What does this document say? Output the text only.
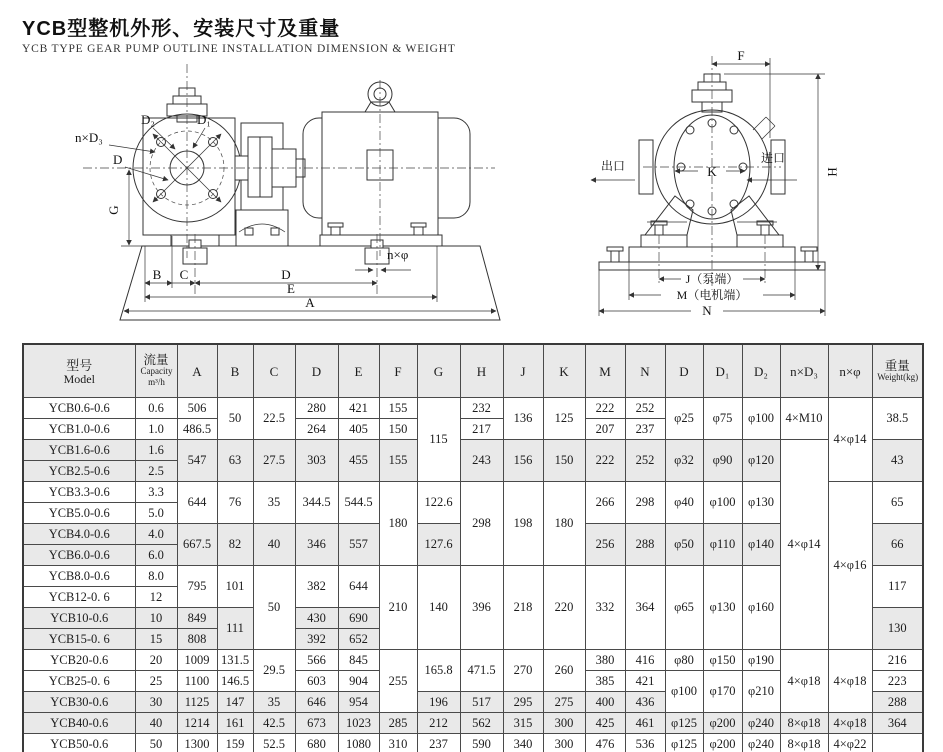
YCB型整机外形、安装尺寸及重量
YCB TYPE GEAR PUMP OUTLINE INSTALLATION DIMENSION & WEIGHT
D₂	D₁
n×D₃
D
G
n×φ
B C	D
E
A
K
出口
进口
F
H
J（泵端）
M（电机端）
N
型号
Model

流量
Capacity
m³/h

A	B	C	D	E	F	G	H	J	K	M	N	D	D₁	D₂	n×D₃	n×φ	重量
Weight(kg)

YCB0.6-0.6	0.6	506	50	22.5	280	421	155	115	232	136	125	222	252	φ25	φ75	φ100	4×M10	4×φ14	38.5
YCB1.0-0.6	1.0	486.5			264	405	150		217			207	237						
YCB1.6-0.6	1.6	547	63	27.5	303	455	155		243	156	150	222	252	φ32	φ90	φ120	4×φ14		43
YCB2.5-0.6	2.5																		
YCB3.3-0.6	3.3	644	76	35	344.5	544.5	180	122.6	298	198	180	266	298	φ40	φ100	φ130		4×φ16	65
YCB5.0-0.6	5.0																		
YCB4.0-0.6	4.0	667.5	82	40	346	557		127.6				256	288	φ50	φ110	φ140			66
YCB6.0-0.6	6.0																		
YCB8.0-0.6	8.0	795	101	50	382	644	210	140	396	218	220	332	364	φ65	φ130	φ160			117
YCB12-0. 6	12																		
YCB10-0.6	10	849	111		430	690													130
YCB15-0. 6	15	808			392	652													
YCB20-0.6	20	1009	131.5	29.5	566	845	255	165.8	471.5	270	260	380	416	φ80	φ150	φ190	4×φ18	4×φ18	216
YCB25-0. 6	25	1100	146.5		603	904						385	421	φ100	φ170	φ210			223
YCB30-0.6	30	1125	147	35	646	954		196	517	295	275	400	436						288
YCB40-0.6	40	1214	161	42.5	673	1023	285	212	562	315	300	425	461	φ125	φ200	φ240	8×φ18	4×φ18	364
YCB50-0.6	50	1300	159	52.5	680	1080	310	237	590	340	300	476	536	φ125	φ200	φ240	8×φ18	4×φ22	
